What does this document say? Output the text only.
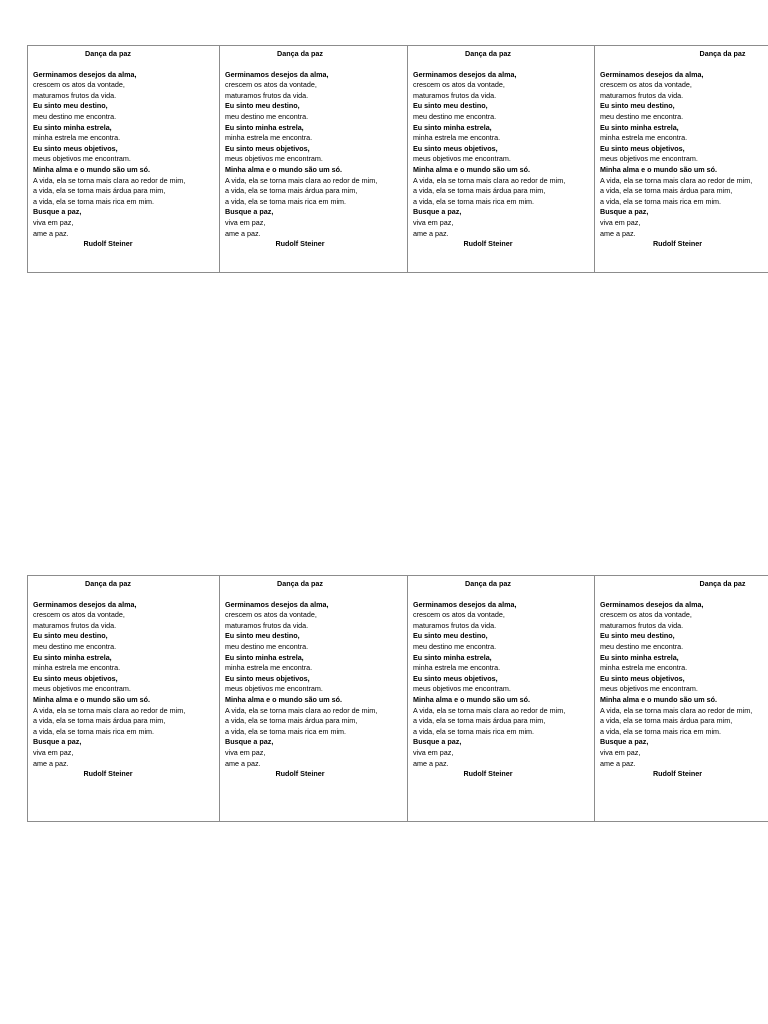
Dança da paz
Germinamos desejos da alma,
crescem os atos da vontade,
maturamos frutos da vida.
Eu sinto meu destino,
meu destino me encontra.
Eu sinto minha estrela,
minha estrela me encontra.
Eu sinto meus objetivos,
meus objetivos me encontram.
Minha alma e o mundo são um só.
A vida, ela se torna mais clara ao redor de mim,
a vida, ela se torna mais árdua para mim,
a vida, ela se torna mais rica em mim.
Busque a paz,
viva em paz,
ame a paz.
Rudolf Steiner
Dança da paz
Germinamos desejos da alma,
crescem os atos da vontade,
maturamos frutos da vida.
Eu sinto meu destino,
meu destino me encontra.
Eu sinto minha estrela,
minha estrela me encontra.
Eu sinto meus objetivos,
meus objetivos me encontram.
Minha alma e o mundo são um só.
A vida, ela se torna mais clara ao redor de mim,
a vida, ela se torna mais árdua para mim,
a vida, ela se torna mais rica em mim.
Busque a paz,
viva em paz,
ame a paz.
Rudolf Steiner
Dança da paz
Germinamos desejos da alma,
crescem os atos da vontade,
maturamos frutos da vida.
Eu sinto meu destino,
meu destino me encontra.
Eu sinto minha estrela,
minha estrela me encontra.
Eu sinto meus objetivos,
meus objetivos me encontram.
Minha alma e o mundo são um só.
A vida, ela se torna mais clara ao redor de mim,
a vida, ela se torna mais árdua para mim,
a vida, ela se torna mais rica em mim.
Busque a paz,
viva em paz,
ame a paz.
Rudolf Steiner
Dança da paz
Germinamos desejos da alma,
crescem os atos da vontade,
maturamos frutos da vida.
Eu sinto meu destino,
meu destino me encontra.
Eu sinto minha estrela,
minha estrela me encontra.
Eu sinto meus objetivos,
meus objetivos me encontram.
Minha alma e o mundo são um só.
A vida, ela se torna mais clara ao redor de mim,
a vida, ela se torna mais árdua para mim,
a vida, ela se torna mais rica em mim.
Busque a paz,
viva em paz,
ame a paz.
Rudolf Steiner
Dança da paz
Germinamos desejos da alma,
crescem os atos da vontade,
maturamos frutos da vida.
Eu sinto meu destino,
meu destino me encontra.
Eu sinto minha estrela,
minha estrela me encontra.
Eu sinto meus objetivos,
meus objetivos me encontram.
Minha alma e o mundo são um só.
A vida, ela se torna mais clara ao redor de mim,
a vida, ela se torna mais árdua para mim,
a vida, ela se torna mais rica em mim.
Busque a paz,
viva em paz,
ame a paz.
Rudolf Steiner
Dança da paz
Germinamos desejos da alma,
crescem os atos da vontade,
maturamos frutos da vida.
Eu sinto meu destino,
meu destino me encontra.
Eu sinto minha estrela,
minha estrela me encontra.
Eu sinto meus objetivos,
meus objetivos me encontram.
Minha alma e o mundo são um só.
A vida, ela se torna mais clara ao redor de mim,
a vida, ela se torna mais árdua para mim,
a vida, ela se torna mais rica em mim.
Busque a paz,
viva em paz,
ame a paz.
Rudolf Steiner
Dança da paz
Germinamos desejos da alma,
crescem os atos da vontade,
maturamos frutos da vida.
Eu sinto meu destino,
meu destino me encontra.
Eu sinto minha estrela,
minha estrela me encontra.
Eu sinto meus objetivos,
meus objetivos me encontram.
Minha alma e o mundo são um só.
A vida, ela se torna mais clara ao redor de mim,
a vida, ela se torna mais árdua para mim,
a vida, ela se torna mais rica em mim.
Busque a paz,
viva em paz,
ame a paz.
Rudolf Steiner
Dança da paz
Germinamos desejos da alma,
crescem os atos da vontade,
maturamos frutos da vida.
Eu sinto meu destino,
meu destino me encontra.
Eu sinto minha estrela,
minha estrela me encontra.
Eu sinto meus objetivos,
meus objetivos me encontram.
Minha alma e o mundo são um só.
A vida, ela se torna mais clara ao redor de mim,
a vida, ela se torna mais árdua para mim,
a vida, ela se torna mais rica em mim.
Busque a paz,
viva em paz,
ame a paz.
Rudolf Steiner
